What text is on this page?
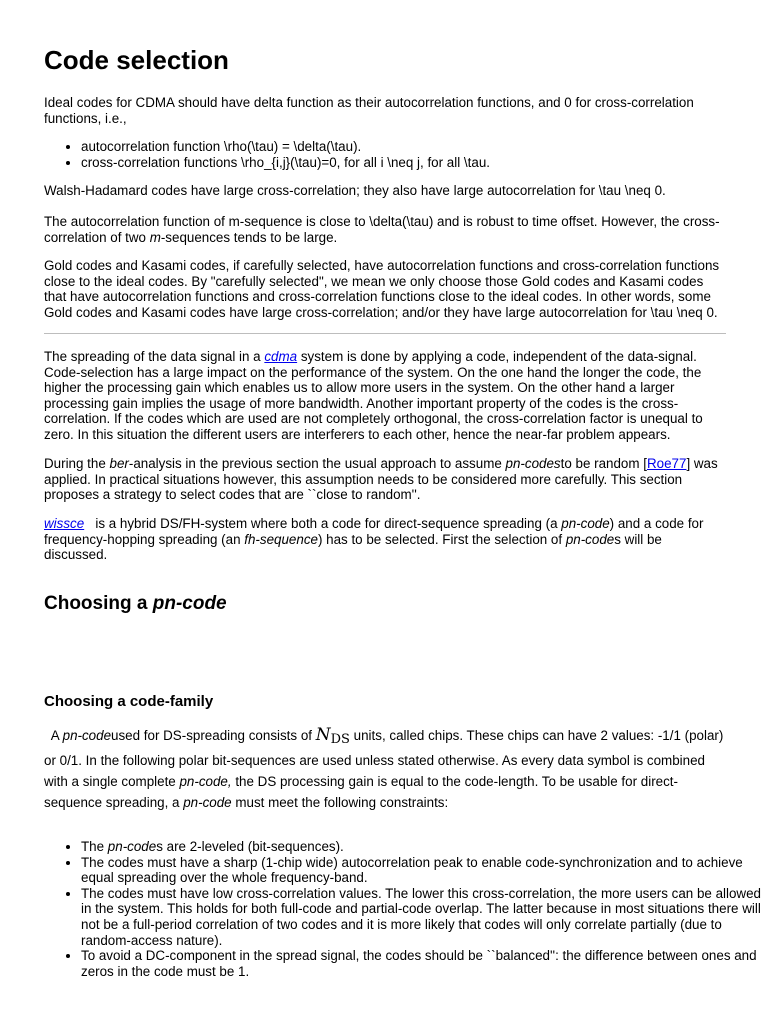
Code selection

Ideal codes for CDMA should have delta function as their autocorrelation functions, and 0 for cross-correlation functions, i.e.,

• autocorrelation function \rho(\tau) = \delta(\tau).
• cross-correlation functions \rho_{i,j}(\tau)=0, for all i \neq j, for all \tau.

Walsh-Hadamard codes have large cross-correlation; they also have large autocorrelation for \tau \neq 0.

The autocorrelation function of m-sequence is close to \delta(\tau) and is robust to time offset. However, the cross-correlation of two m-sequences tends to be large.

Gold codes and Kasami codes, if carefully selected, have autocorrelation functions and cross-correlation functions close to the ideal codes. By "carefully selected", we mean we only choose those Gold codes and Kasami codes that have autocorrelation functions and cross-correlation functions close to the ideal codes. In other words, some Gold codes and Kasami codes have large cross-correlation; and/or they have large autocorrelation for \tau \neq 0.

The spreading of the data signal in a cdma system is done by applying a code, independent of the data-signal. Code-selection has a large impact on the performance of the system. On the one hand the longer the code, the higher the processing gain which enables us to allow more users in the system. On the other hand a larger processing gain implies the usage of more bandwidth. Another important property of the codes is the cross-correlation. If the codes which are used are not completely orthogonal, the cross-correlation factor is unequal to zero. In this situation the different users are interferers to each other, hence the near-far problem appears.

During the ber-analysis in the previous section the usual approach to assume pn-codesto be random [Roe77] was applied. In practical situations however, this assumption needs to be considered more carefully. This section proposes a strategy to select codes that are ``close to random''.

wissce   is a hybrid DS/FH-system where both a code for direct-sequence spreading (a pn-code) and a code for frequency-hopping spreading (an fh-sequence) has to be selected. First the selection of pn-codes will be discussed.

Choosing a pn-code
Choosing a code-family

A pn-codeused for DS-spreading consists of $N_{DS}$ units, called chips. These chips can have 2 values: -1/1 (polar) or 0/1. In the following polar bit-sequences are used unless stated otherwise. As every data symbol is combined with a single complete pn-code, the DS processing gain is equal to the code-length. To be usable for direct-sequence spreading, a pn-code must meet the following constraints:

• The pn-codes are 2-leveled (bit-sequences).
• The codes must have a sharp (1-chip wide) autocorrelation peak to enable code-synchronization and to achieve equal spreading over the whole frequency-band.
• The codes must have low cross-correlation values. The lower this cross-correlation, the more users can be allowed in the system. This holds for both full-code and partial-code overlap. The latter because in most situations there will not be a full-period correlation of two codes and it is more likely that codes will only correlate partially (due to random-access nature).
• To avoid a DC-component in the spread signal, the codes should be ``balanced'': the difference between ones and zeros in the code must be 1.
